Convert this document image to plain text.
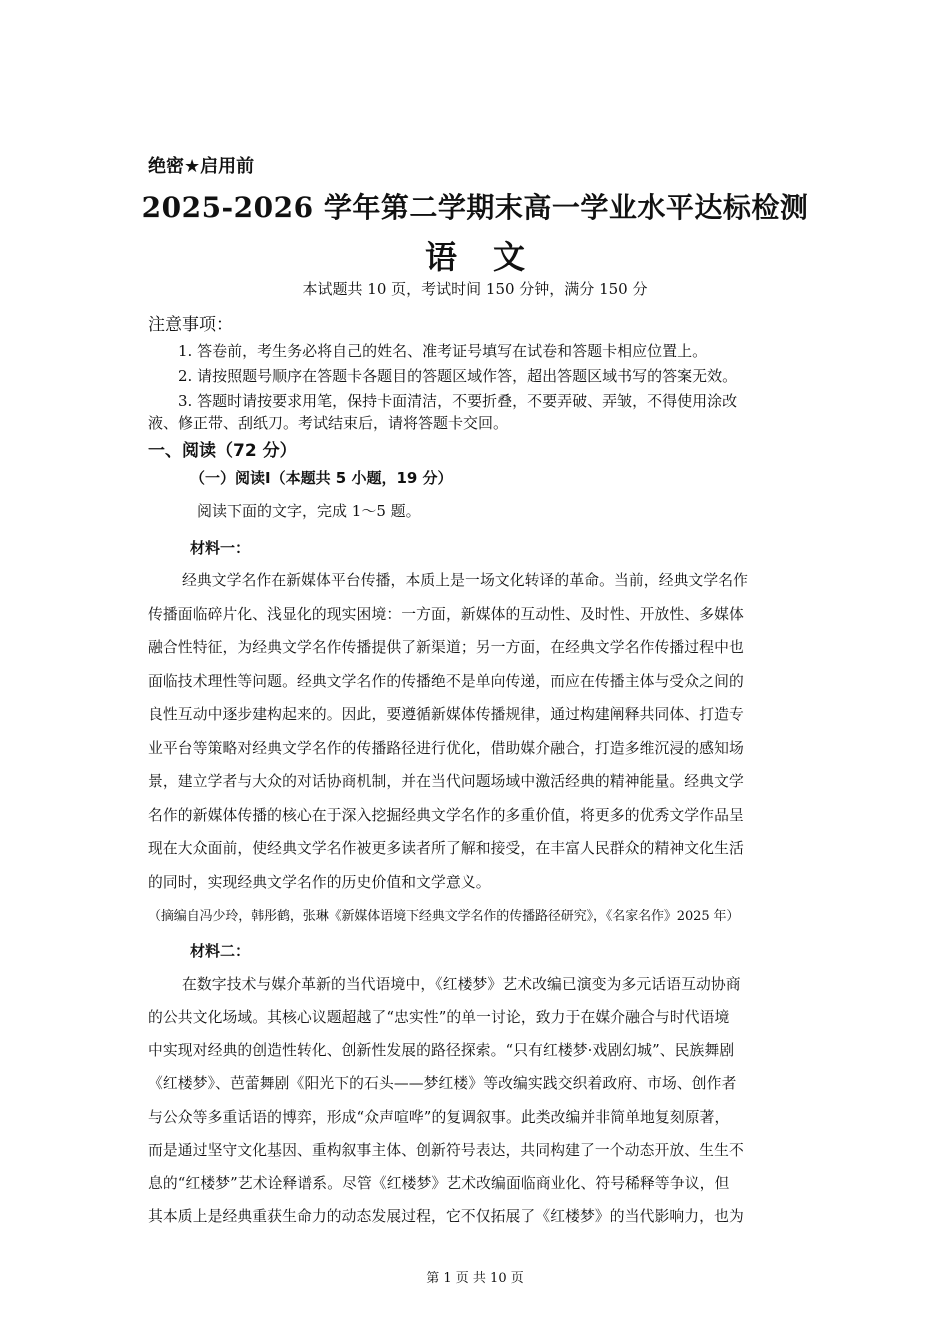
绝密★启用前
2025-2026 学年第二学期末高一学业水平达标检测
语文
本试题共 10 页，考试时间 150 分钟，满分 150 分
注意事项：
1. 答卷前，考生务必将自己的姓名、准考证号填写在试卷和答题卡相应位置上。
2. 请按照题号顺序在答题卡各题目的答题区域作答，超出答题区域书写的答案无效。
3. 答题时请按要求用笔，保持卡面清洁，不要折叠，不要弄破、弄皱，不得使用涂改
液、修正带、刮纸刀。考试结束后，请将答题卡交回。
一、阅读（72 分）
（一）阅读I（本题共 5 小题，19 分）
阅读下面的文字，完成 1～5 题。
材料一：
经典文学名作在新媒体平台传播，本质上是一场文化转译的革命。当前，经典文学名作
传播面临碎片化、浅显化的现实困境：一方面，新媒体的互动性、及时性、开放性、多媒体
融合性特征，为经典文学名作传播提供了新渠道；另一方面，在经典文学名作传播过程中也
面临技术理性等问题。经典文学名作的传播绝不是单向传递，而应在传播主体与受众之间的
良性互动中逐步建构起来的。因此，要遵循新媒体传播规律，通过构建阐释共同体、打造专
业平台等策略对经典文学名作的传播路径进行优化，借助媒介融合，打造多维沉浸的感知场
景，建立学者与大众的对话协商机制，并在当代问题场域中激活经典的精神能量。经典文学
名作的新媒体传播的核心在于深入挖掘经典文学名作的多重价值，将更多的优秀文学作品呈
现在大众面前，使经典文学名作被更多读者所了解和接受，在丰富人民群众的精神文化生活
的同时，实现经典文学名作的历史价值和文学意义。
（摘编自冯少玲，韩彤鹤，张琳《新媒体语境下经典文学名作的传播路径研究》，《名家名作》2025 年）
材料二：
在数字技术与媒介革新的当代语境中，《红楼梦》艺术改编已演变为多元话语互动协商
的公共文化场域。其核心议题超越了“忠实性”的单一讨论，致力于在媒介融合与时代语境
中实现对经典的创造性转化、创新性发展的路径探索。“只有红楼梦·戏剧幻城”、民族舞剧
《红楼梦》、芭蕾舞剧《阳光下的石头——梦红楼》等改编实践交织着政府、市场、创作者
与公众等多重话语的博弈，形成“众声喧哗”的复调叙事。此类改编并非简单地复刻原著，
而是通过坚守文化基因、重构叙事主体、创新符号表达，共同构建了一个动态开放、生生不
息的“红楼梦”艺术诠释谱系。尽管《红楼梦》艺术改编面临商业化、符号稀释等争议，但
其本质上是经典重获生命力的动态发展过程，它不仅拓展了《红楼梦》的当代影响力，也为
第 1 页 共 10 页
